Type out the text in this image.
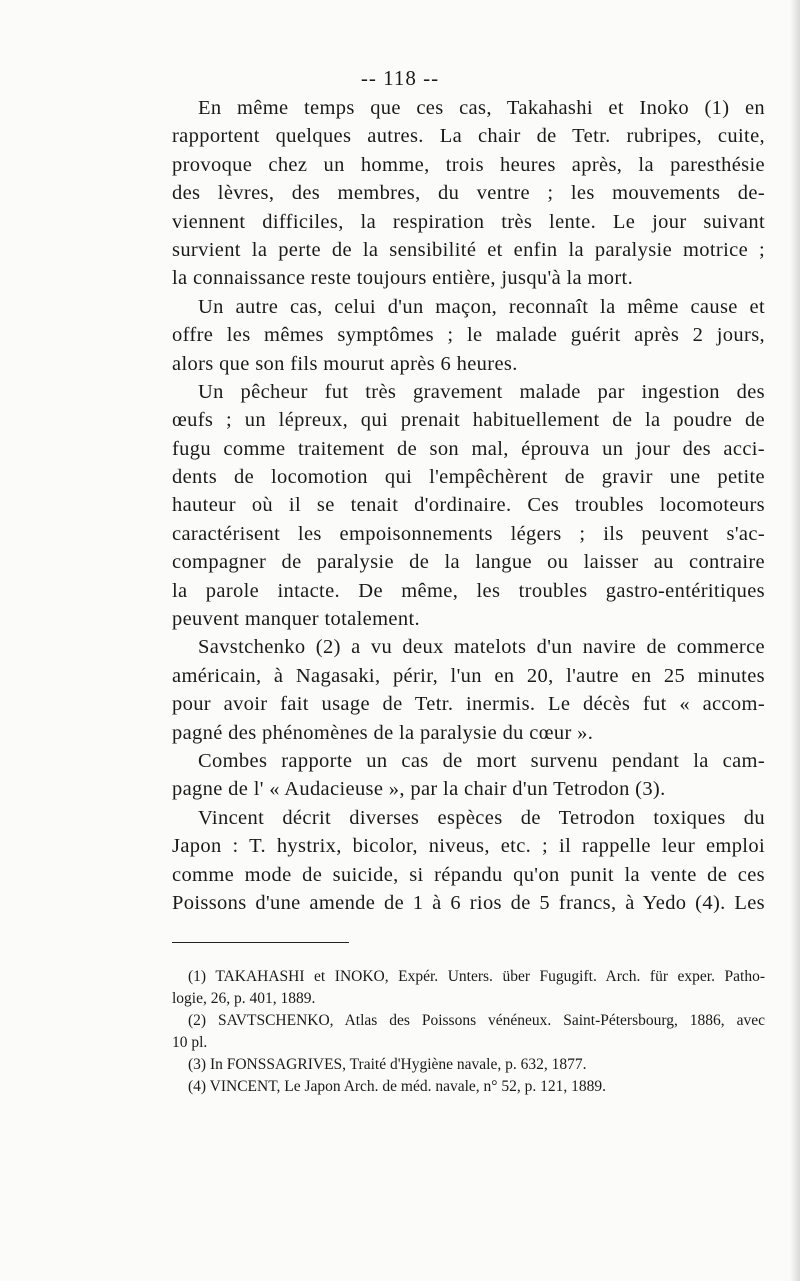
-- 118 --
En même temps que ces cas, Takahashi et Inoko (1) en
rapportent quelques autres. La chair de Tetr. rubripes, cuite,
provoque chez un homme, trois heures après, la paresthésie
des lèvres, des membres, du ventre ; les mouvements de-
viennent difficiles, la respiration très lente. Le jour suivant
survient la perte de la sensibilité et enfin la paralysie motrice ;
la connaissance reste toujours entière, jusqu'à la mort.
Un autre cas, celui d'un maçon, reconnaît la même cause et
offre les mêmes symptômes ; le malade guérit après 2 jours,
alors que son fils mourut après 6 heures.
Un pêcheur fut très gravement malade par ingestion des
œufs ; un lépreux, qui prenait habituellement de la poudre de
fugu comme traitement de son mal, éprouva un jour des acci-
dents de locomotion qui l'empêchèrent de gravir une petite
hauteur où il se tenait d'ordinaire. Ces troubles locomoteurs
caractérisent les empoisonnements légers ; ils peuvent s'ac-
compagner de paralysie de la langue ou laisser au contraire
la parole intacte. De même, les troubles gastro-entéritiques
peuvent manquer totalement.
Savstchenko (2) a vu deux matelots d'un navire de commerce
américain, à Nagasaki, périr, l'un en 20, l'autre en 25 minutes
pour avoir fait usage de Tetr. inermis. Le décès fut « accom-
pagné des phénomènes de la paralysie du cœur ».
Combes rapporte un cas de mort survenu pendant la cam-
pagne de l' « Audacieuse », par la chair d'un Tetrodon (3).
Vincent décrit diverses espèces de Tetrodon toxiques du
Japon : T. hystrix, bicolor, niveus, etc. ; il rappelle leur emploi
comme mode de suicide, si répandu qu'on punit la vente de ces
Poissons d'une amende de 1 à 6 rios de 5 francs, à Yedo (4). Les
(1) TAKAHASHI et INOKO, Expér. Unters. über Fugugift. Arch. für exper. Patho-
logie, 26, p. 401, 1889.
(2) SAVTSCHENKO, Atlas des Poissons vénéneux. Saint-Pétersbourg, 1886, avec
10 pl.
(3) In FONSSAGRIVES, Traité d'Hygiène navale, p. 632, 1877.
(4) VINCENT, Le Japon Arch. de méd. navale, n° 52, p. 121, 1889.
